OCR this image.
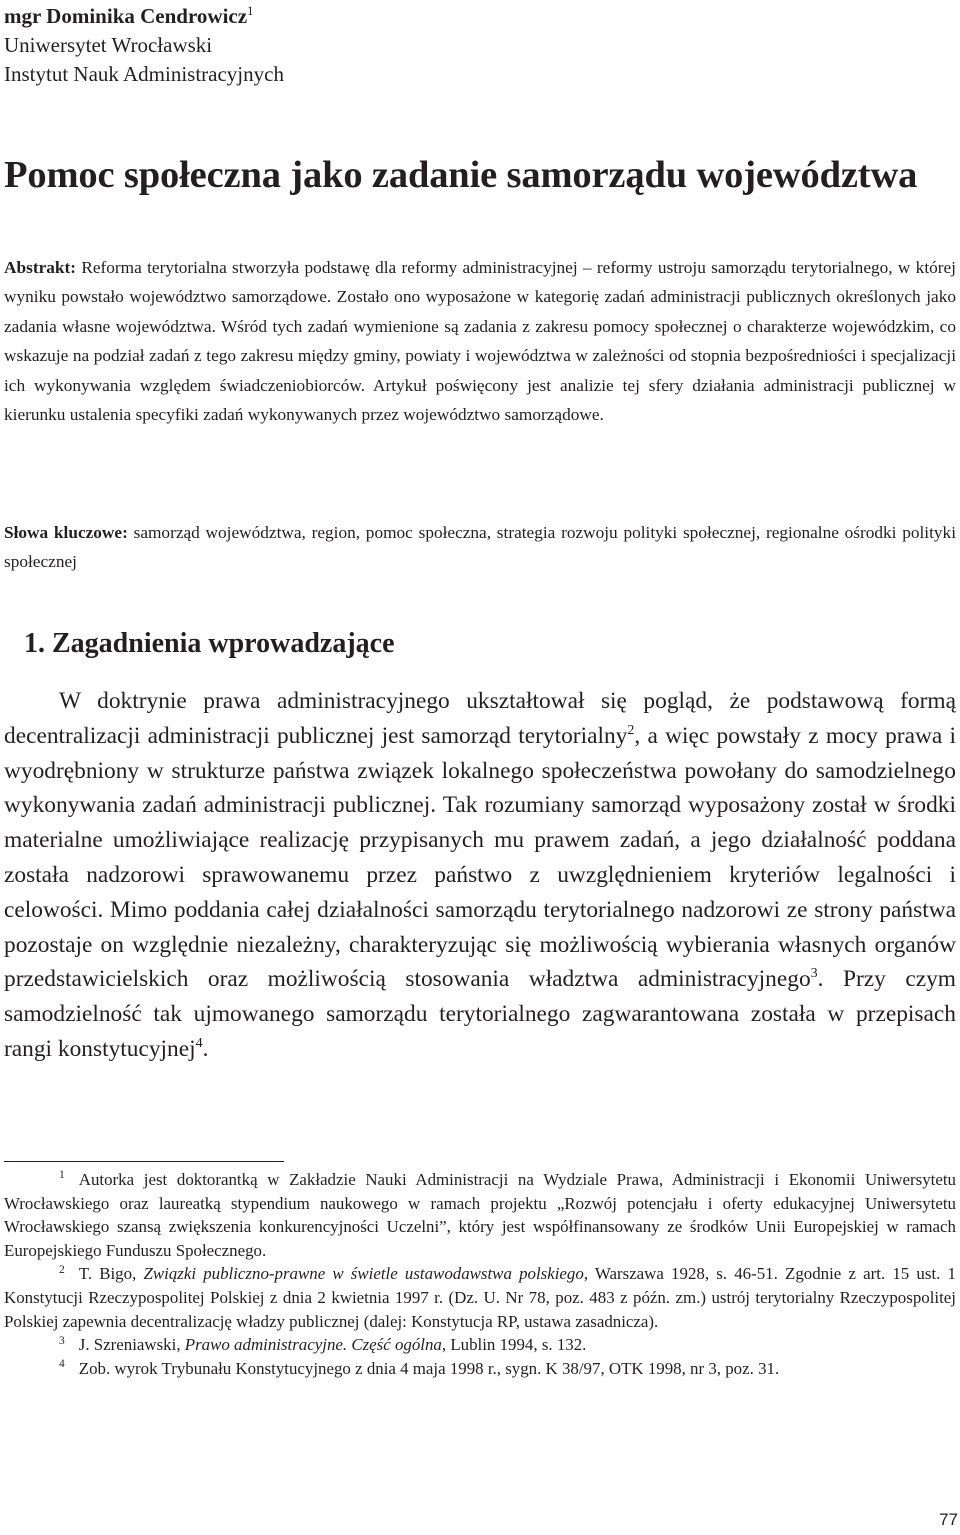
mgr Dominika Cendrowicz$^1$
Uniwersytet Wrocławski
Instytut Nauk Administracyjnych
Pomoc społeczna jako zadanie samorządu województwa

Abstrakt: Reforma terytorialna stworzyła podstawę dla reformy administracyjnej – reformy ustroju samorządu terytorialnego, w której wyniku powstało województwo samorządowe. Zostało ono wyposażone w kategorię zadań administracji publicznych określonych jako zadania własne województwa. Wśród tych zadań wymienione są zadania z zakresu pomocy społecznej o charakterze wojewódzkim, co wskazuje na podział zadań z tego zakresu między gminy, powiaty i województwa w zależności od stopnia bezpośredniości i specjalizacji ich wykonywania względem świadczeniobiorców. Artykuł poświęcony jest analizie tej sfery działania administracji publicznej w kierunku ustalenia specyfiki zadań wykonywanych przez województwo samorządowe.

Słowa kluczowe: samorząd województwa, region, pomoc społeczna, strategia rozwoju polityki społecznej, regionalne ośrodki polityki społecznej

1. Zagadnienia wprowadzające

W doktrynie prawa administracyjnego ukształtował się pogląd, że podstawową formą decentralizacji administracji publicznej jest samorząd terytorialny$^2$, a więc powstały z mocy prawa i wyodrębniony w strukturze państwa związek lokalnego społeczeństwa powołany do samodzielnego wykonywania zadań administracji publicznej. Tak rozumiany samorząd wyposażony został w środki materialne umożliwiające realizację przypisanych mu prawem zadań, a jego działalność poddana została nadzorowi sprawowanemu przez państwo z uwzględnieniem kryteriów legalności i celowości. Mimo poddania całej działalności samorządu terytorialnego nadzorowi ze strony państwa pozostaje on względnie niezależny, charakteryzując się możliwością wybierania własnych organów przedstawicielskich oraz możliwością stosowania władztwa administracyjnego$^3$. Przy czym samodzielność tak ujmowanego samorządu terytorialnego zagwarantowana została w przepisach rangi konstytucyjnej$^4$.

$^1$ Autorka jest doktorantką w Zakładzie Nauki Administracji na Wydziale Prawa, Administracji i Ekonomii Uniwersytetu Wrocławskiego oraz laureatką stypendium naukowego w ramach projektu „Rozwój potencjału i oferty edukacyjnej Uniwersytetu Wrocławskiego szansą zwiększenia konkurencyjności Uczelni”, który jest współfinansowany ze środków Unii Europejskiej w ramach Europejskiego Funduszu Społecznego.

$^2$ T. Bigo, Związki publiczno-prawne w świetle ustawodawstwa polskiego, Warszawa 1928, s. 46-51. Zgodnie z art. 15 ust. 1 Konstytucji Rzeczypospolitej Polskiej z dnia 2 kwietnia 1997 r. (Dz. U. Nr 78, poz. 483 z późn. zm.) ustrój terytorialny Rzeczypospolitej Polskiej zapewnia decentralizację władzy publicznej (dalej: Konstytucja RP, ustawa zasadnicza).

$^3$ J. Szreniawski, Prawo administracyjne. Część ogólna, Lublin 1994, s. 132.

$^4$ Zob. wyrok Trybunału Konstytucyjnego z dnia 4 maja 1998 r., sygn. K 38/97, OTK 1998, nr 3, poz. 31.

77
